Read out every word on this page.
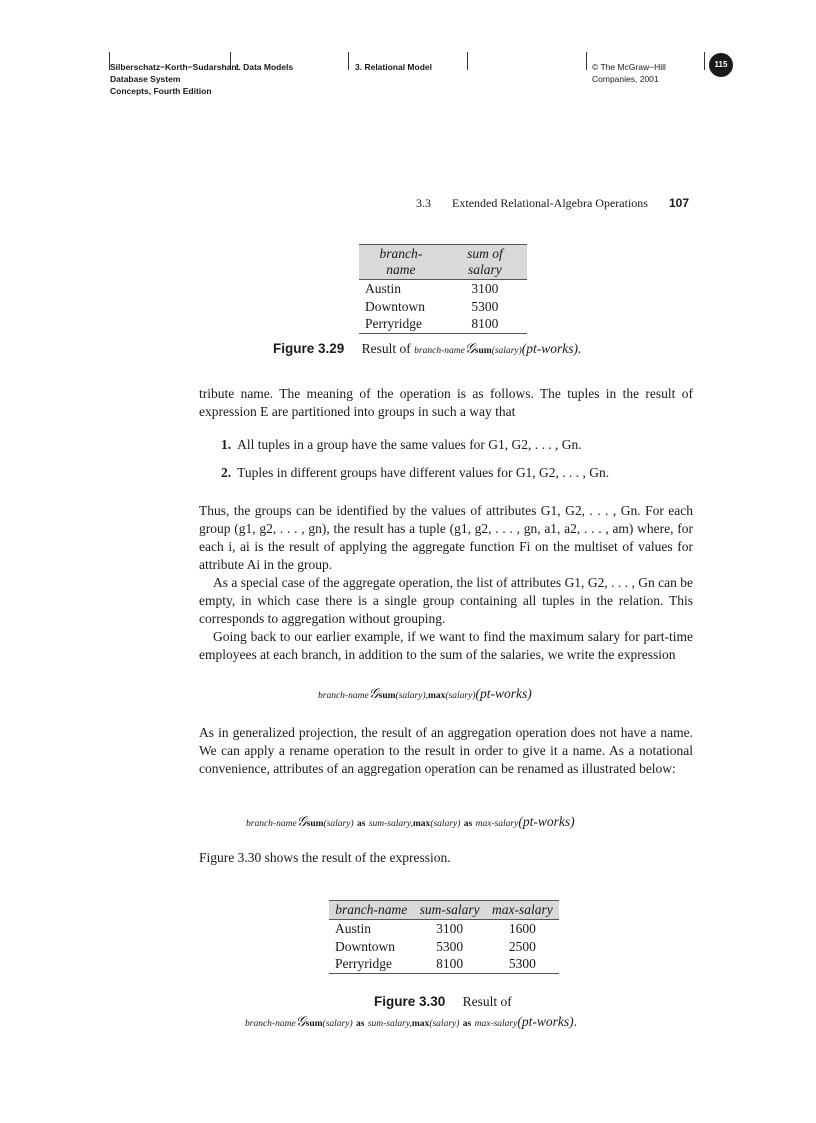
Silberschatz−Korth−Sudarshan:
Database System
Concepts, Fourth Edition
I. Data Models	3. Relational Model	© The McGraw−Hill
Companies, 2001
115
3.3 Extended Relational-Algebra Operations 107
branch-name	sum of salary
Austin	3100
Downtown	5300
Perryridge	8100
Figure 3.29 Result of branch-name𝒢sum(salary)(pt-works).

tribute name. The meaning of the operation is as follows. The tuples in the result of expression E are partitioned into groups in such a way that

1. All tuples in a group have the same values for G1, G2, . . . , Gn.
2. Tuples in different groups have different values for G1, G2, . . . , Gn.

Thus, the groups can be identified by the values of attributes G1, G2, . . . , Gn. For each group (g1, g2, . . . , gn), the result has a tuple (g1, g2, . . . , gn, a1, a2, . . . , am) where, for each i, ai is the result of applying the aggregate function Fi on the multiset of values for attribute Ai in the group.

As a special case of the aggregate operation, the list of attributes G1, G2, . . . , Gn can be empty, in which case there is a single group containing all tuples in the relation. This corresponds to aggregation without grouping.

Going back to our earlier example, if we want to find the maximum salary for part-time employees at each branch, in addition to the sum of the salaries, we write the expression

branch-name𝒢sum(salary),max(salary)(pt-works)

As in generalized projection, the result of an aggregation operation does not have a name. We can apply a rename operation to the result in order to give it a name. As a notational convenience, attributes of an aggregation operation can be renamed as illustrated below:

branch-name𝒢sum(salary) as sum-salary,max(salary) as max-salary(pt-works)

Figure 3.30 shows the result of the expression.

branch-name	sum-salary	max-salary
Austin	3100	1600
Downtown	5300	2500
Perryridge	8100	5300
Figure 3.30 Result of
branch-name𝒢sum(salary) as sum-salary,max(salary) as max-salary(pt-works).
